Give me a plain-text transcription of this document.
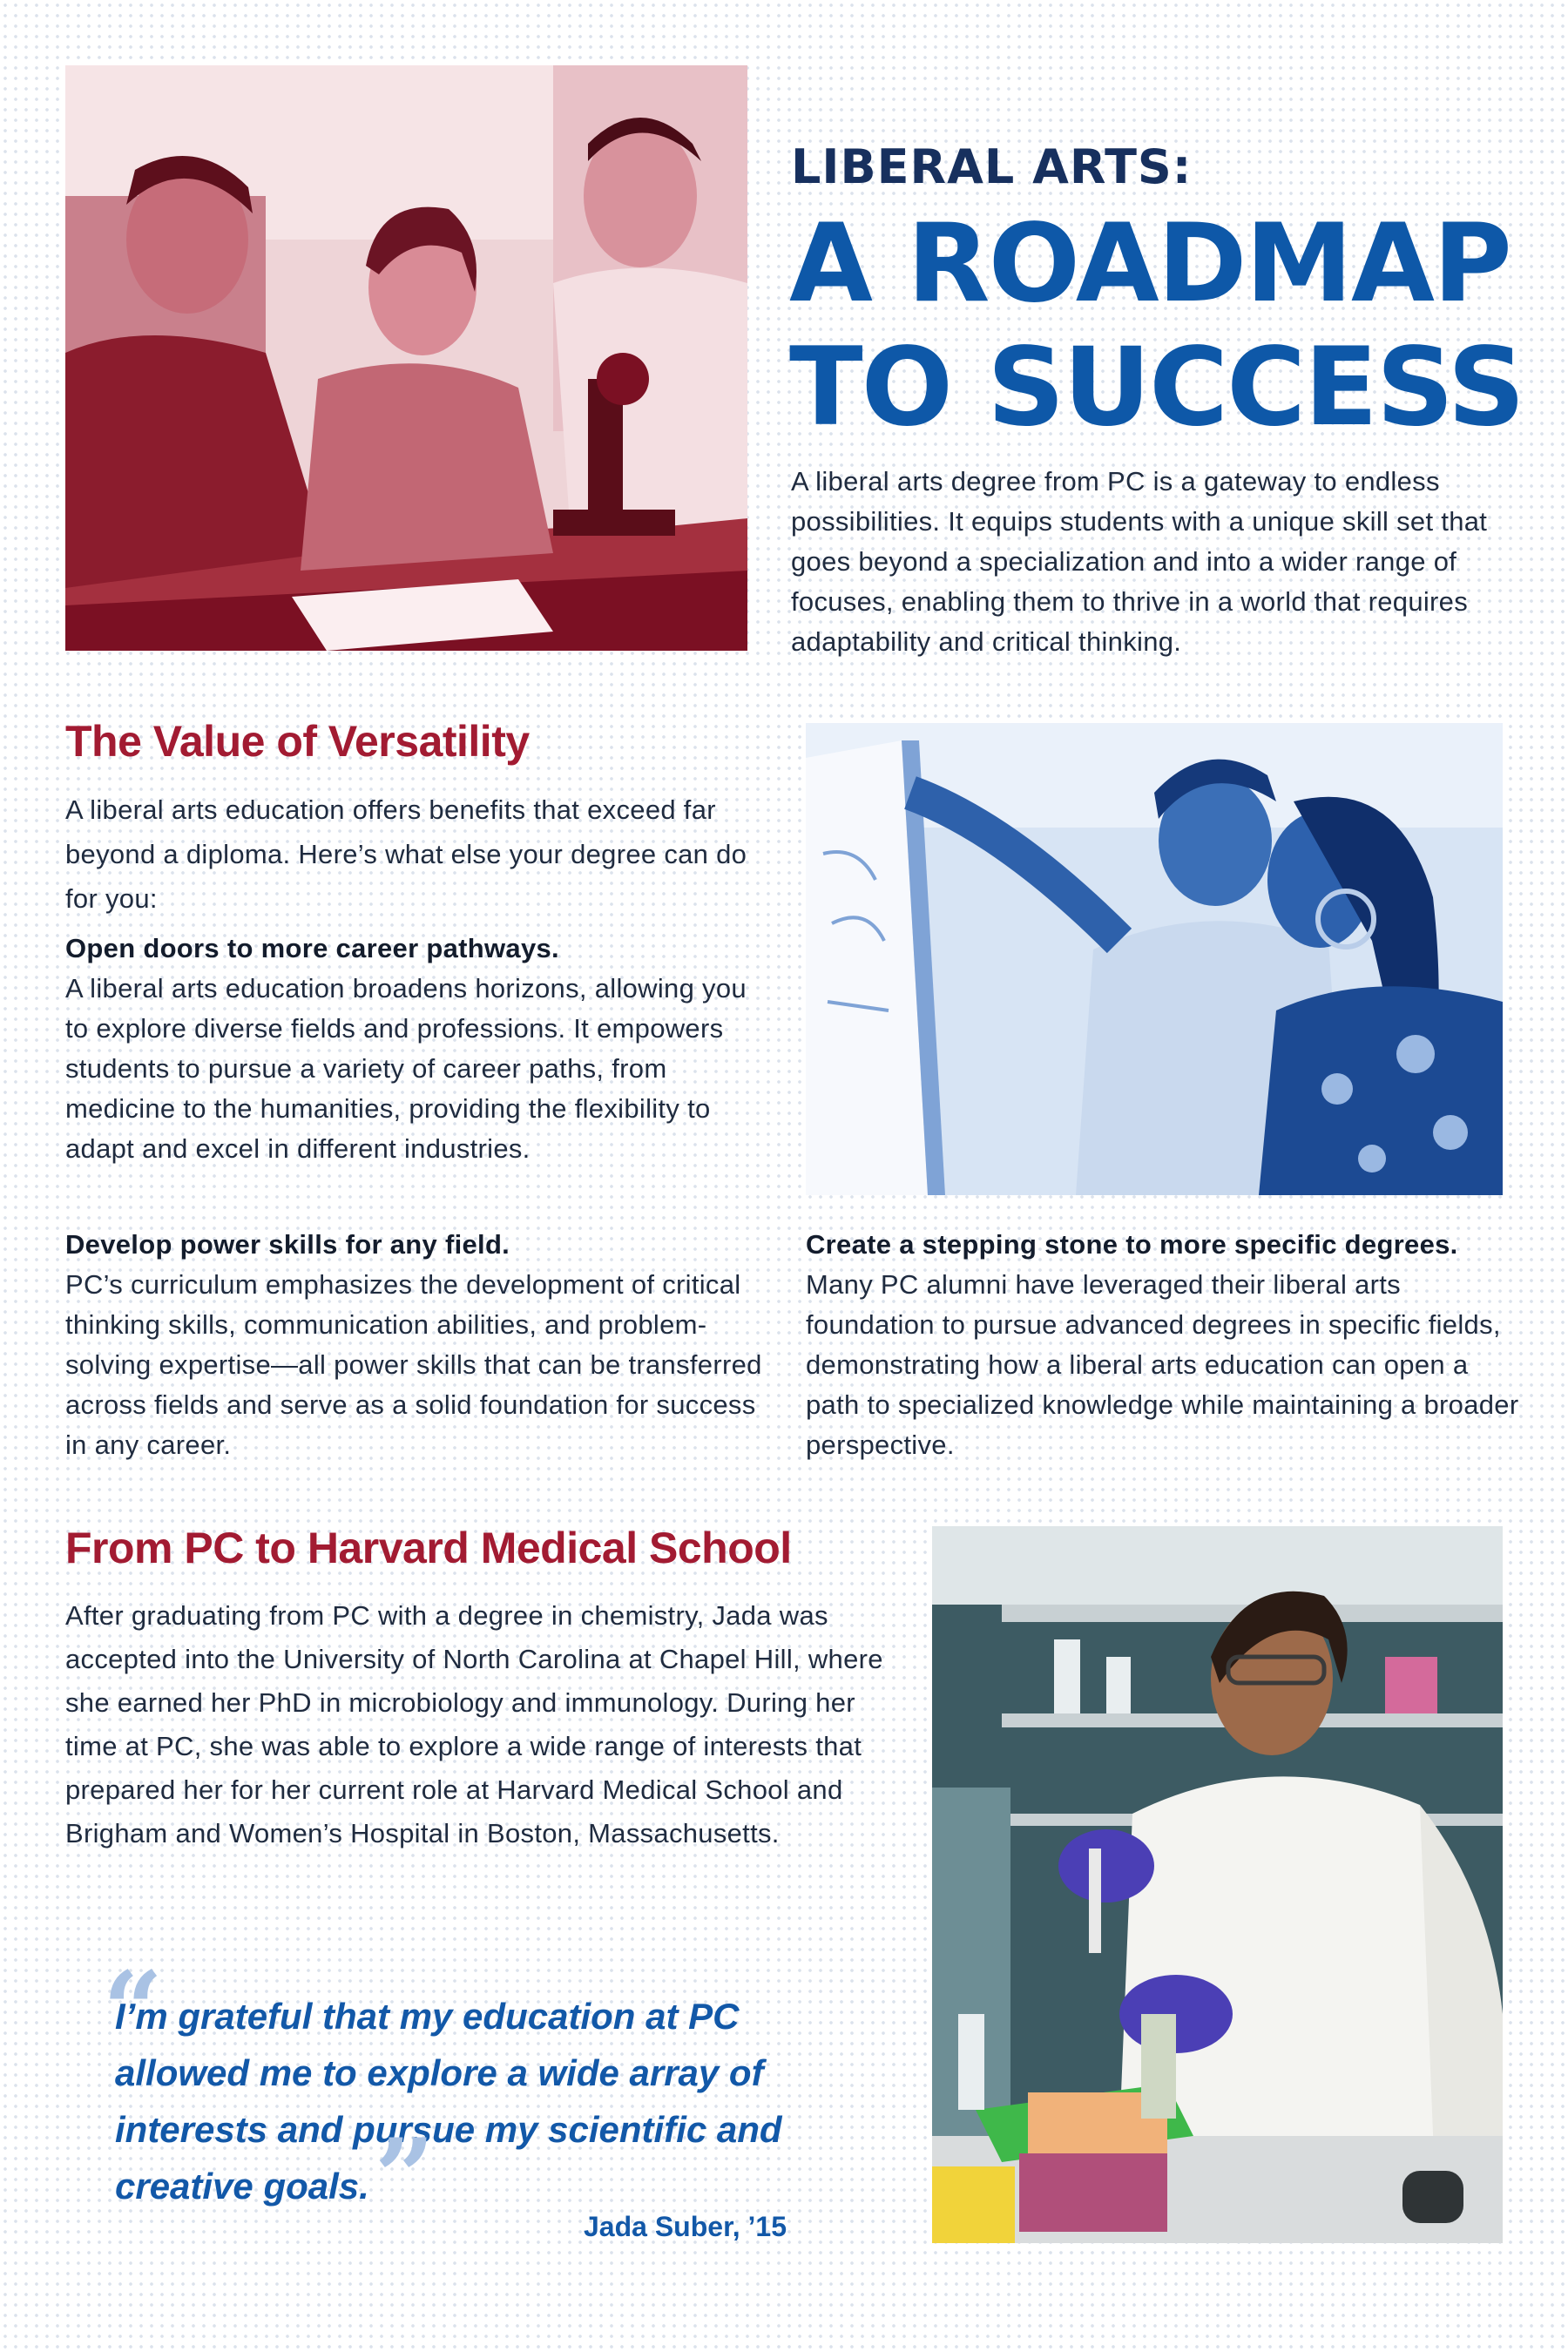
LIBERAL ARTS:
A ROADMAP
TO SUCCESS
A liberal arts degree from PC is a gateway to endless possibilities. It equips students with a unique skill set that goes beyond a specialization and into a wider range of focuses, enabling them to thrive in a world that requires adaptability and critical thinking.
The Value of Versatility
A liberal arts education offers benefits that exceed far beyond a diploma. Here’s what else your degree can do for you:
Open doors to more career pathways.
A liberal arts education broadens horizons, allowing you to explore diverse fields and professions. It empowers students to pursue a variety of career paths, from medicine to the humanities, providing the flexibility to adapt and excel in different industries.
Develop power skills for any field.
PC’s curriculum emphasizes the development of critical thinking skills, communication abilities, and problem-solving expertise—all power skills that can be transferred across fields and serve as a solid foundation for success in any career.
Create a stepping stone to more specific degrees.
Many PC alumni have leveraged their liberal arts foundation to pursue advanced degrees in specific fields, demonstrating how a liberal arts education can open a path to specialized knowledge while maintaining a broader perspective.
From PC to Harvard Medical School
After graduating from PC with a degree in chemistry, Jada was accepted into the University of North Carolina at Chapel Hill, where she earned her PhD in microbiology and immunology. During her time at PC, she was able to explore a wide range of interests that prepared her for her current role at Harvard Medical School and Brigham and Women’s Hospital in Boston, Massachusetts.
“
I’m grateful that my education at PC allowed me to explore a wide array of interests and pursue my scientific and creative goals. ”	Jada Suber, ’15
